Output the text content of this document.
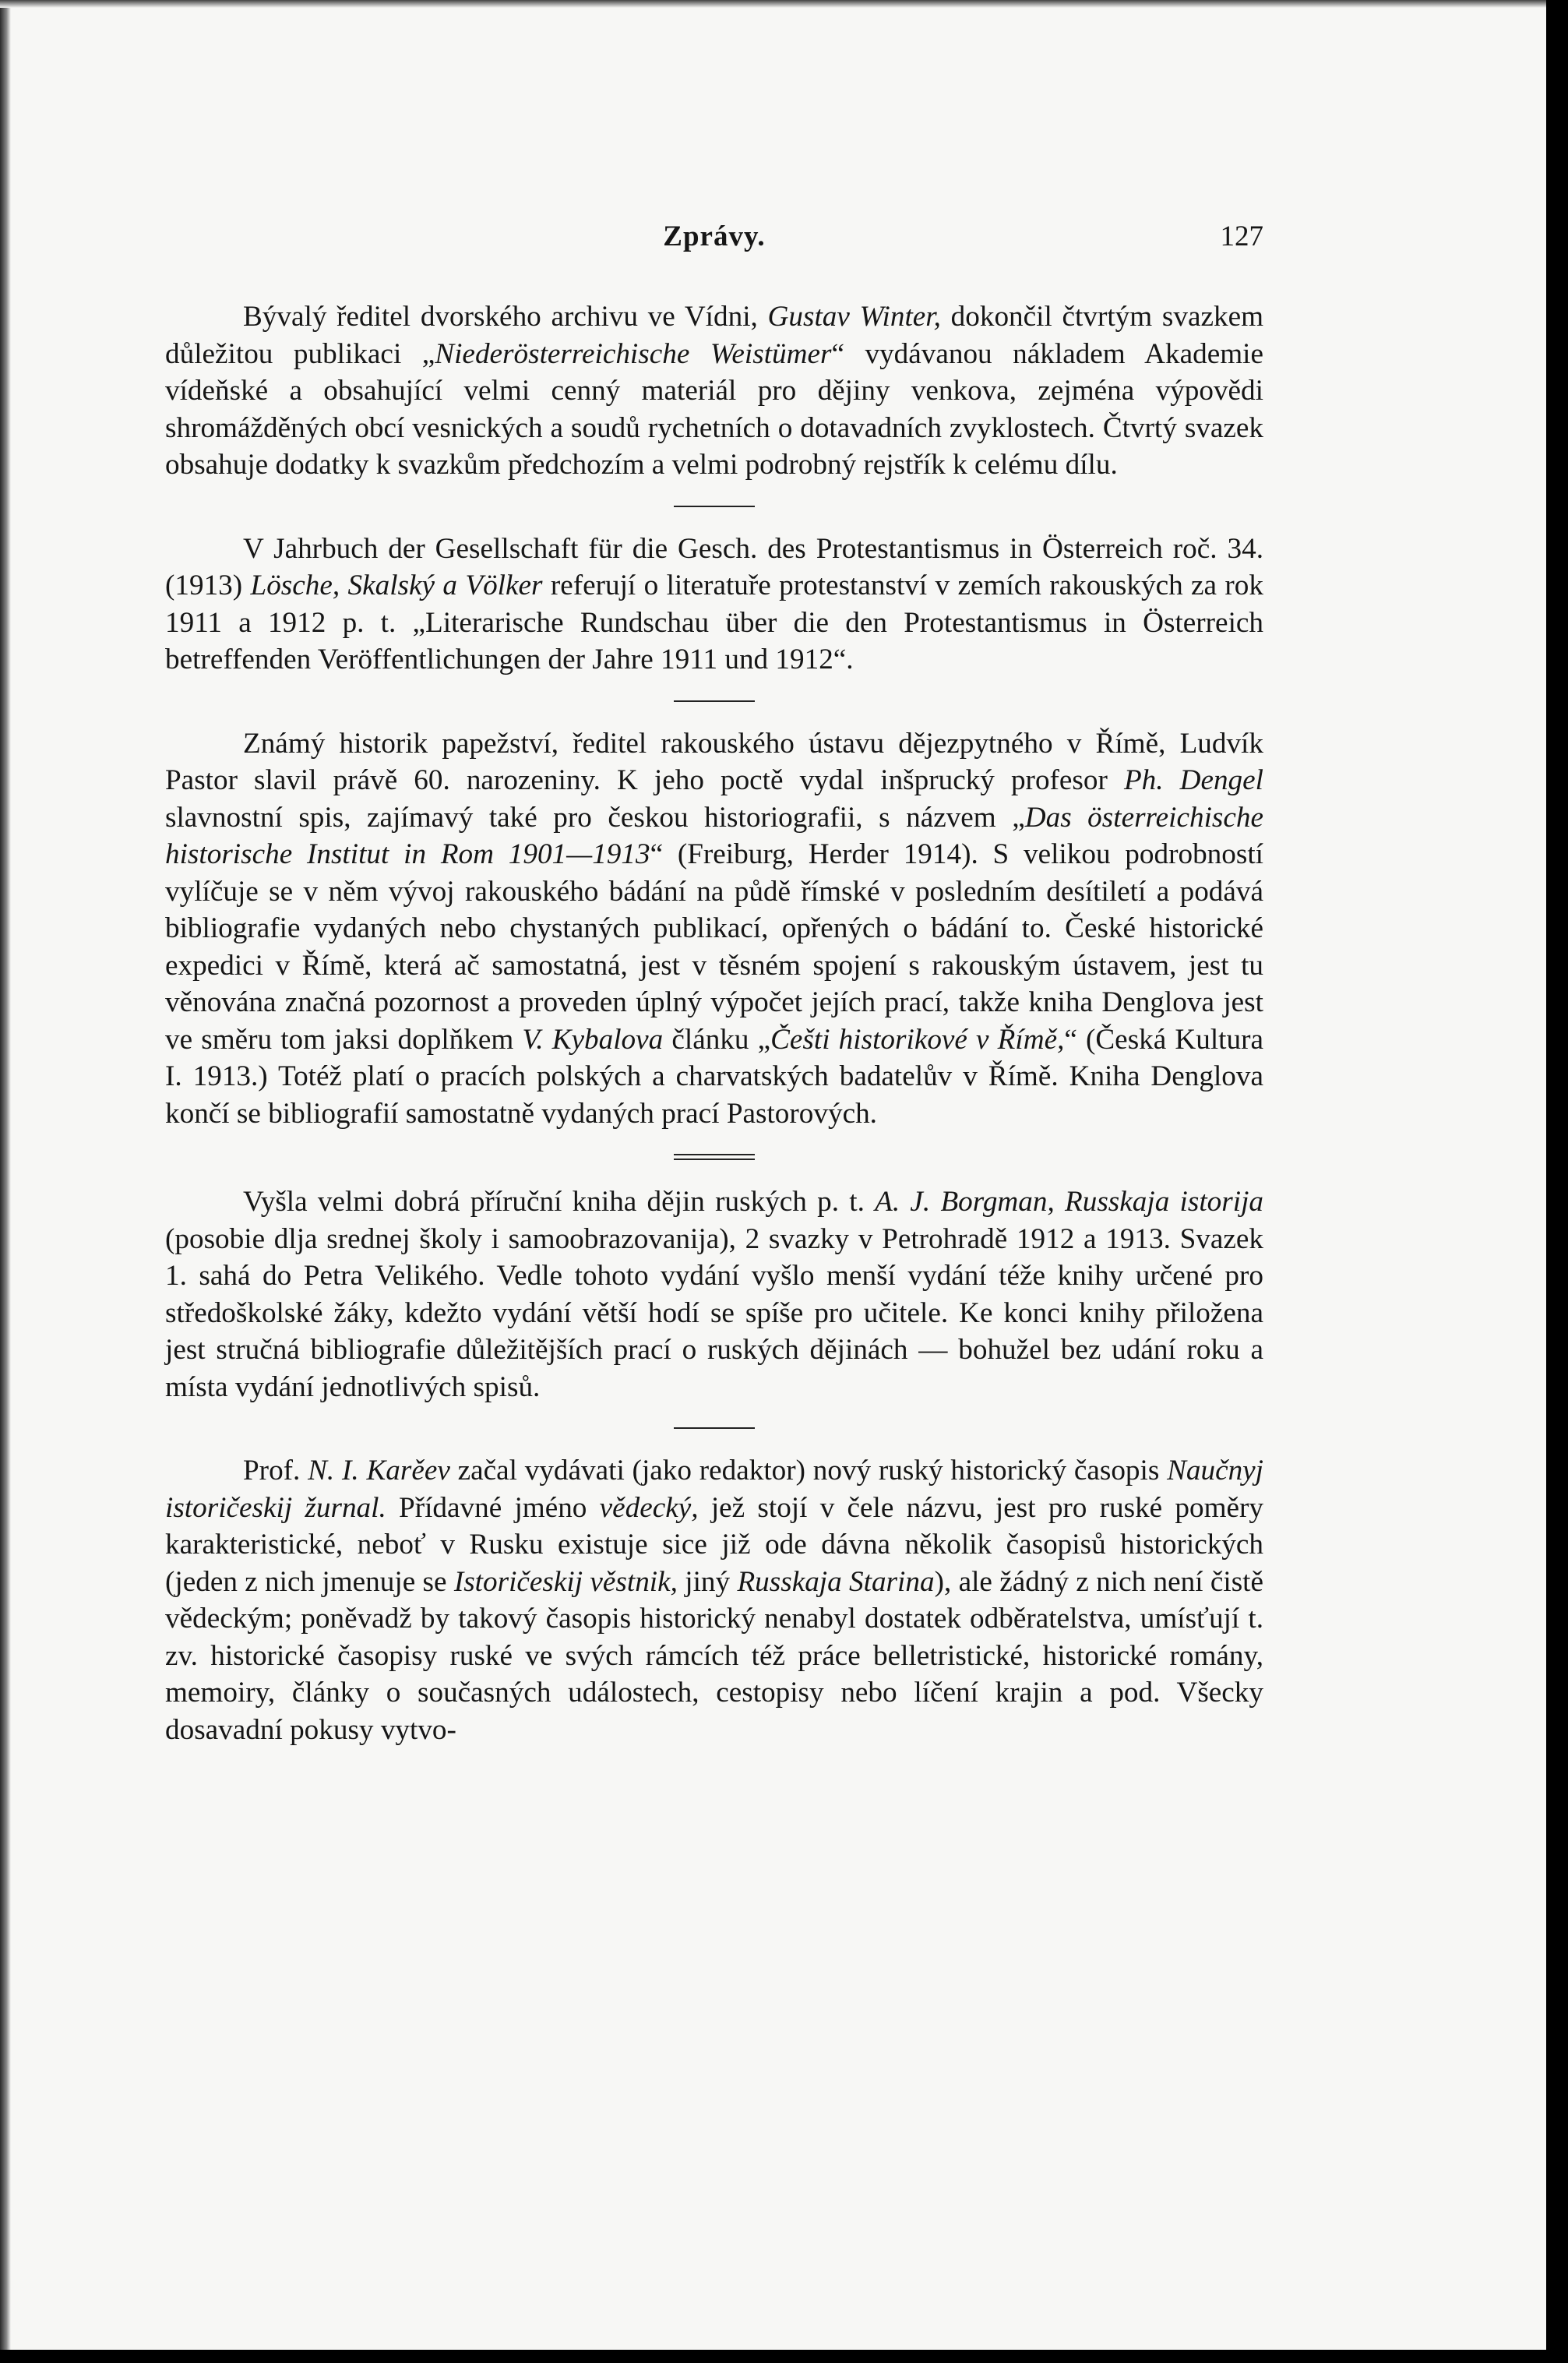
Zprávy.	127

Bývalý ředitel dvorského archivu ve Vídni, Gustav Winter, dokončil čtvrtým svazkem důležitou publikaci „Niederösterreichische Weistümer“ vydávanou nákladem Akademie vídeňské a obsahující velmi cenný materiál pro dějiny venkova, zejména výpovědi shromážděných obcí vesnických a soudů rychetních o dotavadních zvyklostech. Čtvrtý svazek obsahuje dodatky k svazkům předchozím a velmi podrobný rejstřík k celému dílu.

V Jahrbuch der Gesellschaft für die Gesch. des Protestantismus in Österreich roč. 34. (1913) Lösche, Skalský a Völker referují o literatuře protestanství v zemích rakouských za rok 1911 a 1912 p. t. „Literarische Rundschau über die den Protestantismus in Österreich betreffenden Veröffentlichungen der Jahre 1911 und 1912“.

Známý historik papežství, ředitel rakouského ústavu dějezpytného v Římě, Ludvík Pastor slavil právě 60. narozeniny. K jeho poctě vydal inšprucký profesor Ph. Dengel slavnostní spis, zajímavý také pro českou historiografii, s názvem „Das österreichische historische Institut in Rom 1901—1913“ (Freiburg, Herder 1914). S velikou podrobností vylíčuje se v něm vývoj rakouského bádání na půdě římské v posledním desítiletí a podává bibliografie vydaných nebo chystaných publikací, opřených o bádání to. České historické expedici v Římě, která ač samostatná, jest v těsném spojení s rakouským ústavem, jest tu věnována značná pozornost a proveden úplný výpočet jejích prací, takže kniha Denglova jest ve směru tom jaksi doplňkem V. Kybalova článku „Češti historikové v Římě,“ (Česká Kultura I. 1913.) Totéž platí o pracích polských a charvatských badatelův v Římě. Kniha Denglova končí se bibliografií samostatně vydaných prací Pastorových.

Vyšla velmi dobrá příruční kniha dějin ruských p. t. A. J. Borgman, Russkaja istorija (posobie dlja srednej školy i samoobrazovanija), 2 svazky v Petrohradě 1912 a 1913. Svazek 1. sahá do Petra Velikého. Vedle tohoto vydání vyšlo menší vydání téže knihy určené pro středoškolské žáky, kdežto vydání větší hodí se spíše pro učitele. Ke konci knihy přiložena jest stručná bibliografie důležitějších prací o ruských dějinách — bohužel bez udání roku a místa vydání jednotlivých spisů.

Prof. N. I. Karěev začal vydávati (jako redaktor) nový ruský historický časopis Naučnyj istoričeskij žurnal. Přídavné jméno vědecký, jež stojí v čele názvu, jest pro ruské poměry karakteristické, neboť v Rusku existuje sice již ode dávna několik časopisů historických (jeden z nich jmenuje se Istoričeskij věstnik, jiný Russkaja Starina), ale žádný z nich není čistě vědeckým; poněvadž by takový časopis historický nenabyl dostatek odběratelstva, umísťují t. zv. historické časopisy ruské ve svých rámcích též práce belletristické, historické romány, memoiry, články o současných událostech, cestopisy nebo líčení krajin a pod. Všecky dosavadní pokusy vytvo-
